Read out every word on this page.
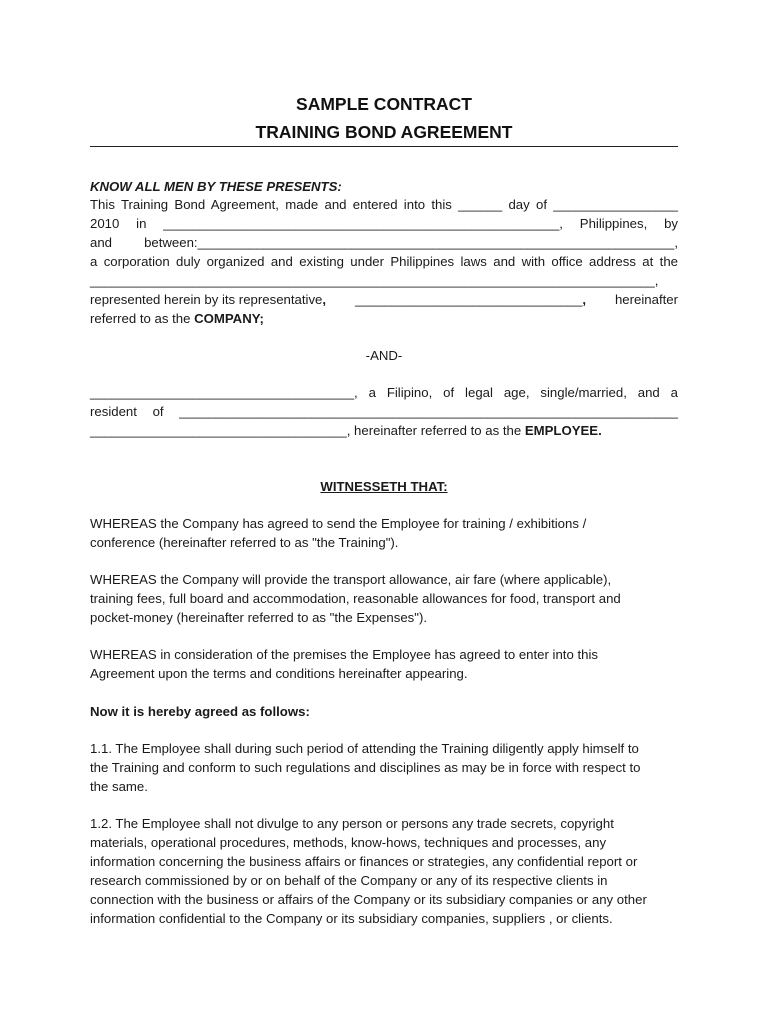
SAMPLE CONTRACT
TRAINING BOND AGREEMENT
KNOW ALL MEN BY THESE PRESENTS:
This Training Bond Agreement, made and entered into this ______ day of _________________
2010 in ______________________________________________________, Philippines, by
and between:_________________________________________________________________,
a corporation duly organized and existing under Philippines laws and with office address at the
_____________________________________________________________________________,
represented herein by its representative, _______________________________, hereinafter
referred to as the COMPANY;
-AND-
____________________________________, a Filipino, of legal age, single/married, and a
resident of ____________________________________________________________________
___________________________________, hereinafter referred to as the EMPLOYEE.
WITNESSETH THAT:
WHEREAS the Company has agreed to send the Employee for training / exhibitions /
conference (hereinafter referred to as "the Training").
WHEREAS the Company will provide the transport allowance, air fare (where applicable),
training fees, full board and accommodation, reasonable allowances for food, transport and
pocket-money (hereinafter referred to as "the Expenses").
WHEREAS in consideration of the premises the Employee has agreed to enter into this
Agreement upon the terms and conditions hereinafter appearing.
Now it is hereby agreed as follows:
1.1. The Employee shall during such period of attending the Training diligently apply himself to
the Training and conform to such regulations and disciplines as may be in force with respect to
the same.
1.2. The Employee shall not divulge to any person or persons any trade secrets, copyright
materials, operational procedures, methods, know-hows, techniques and processes, any
information concerning the business affairs or finances or strategies, any confidential report or
research commissioned by or on behalf of the Company or any of its respective clients in
connection with the business or affairs of the Company or its subsidiary companies or any other
information confidential to the Company or its subsidiary companies, suppliers , or clients.
